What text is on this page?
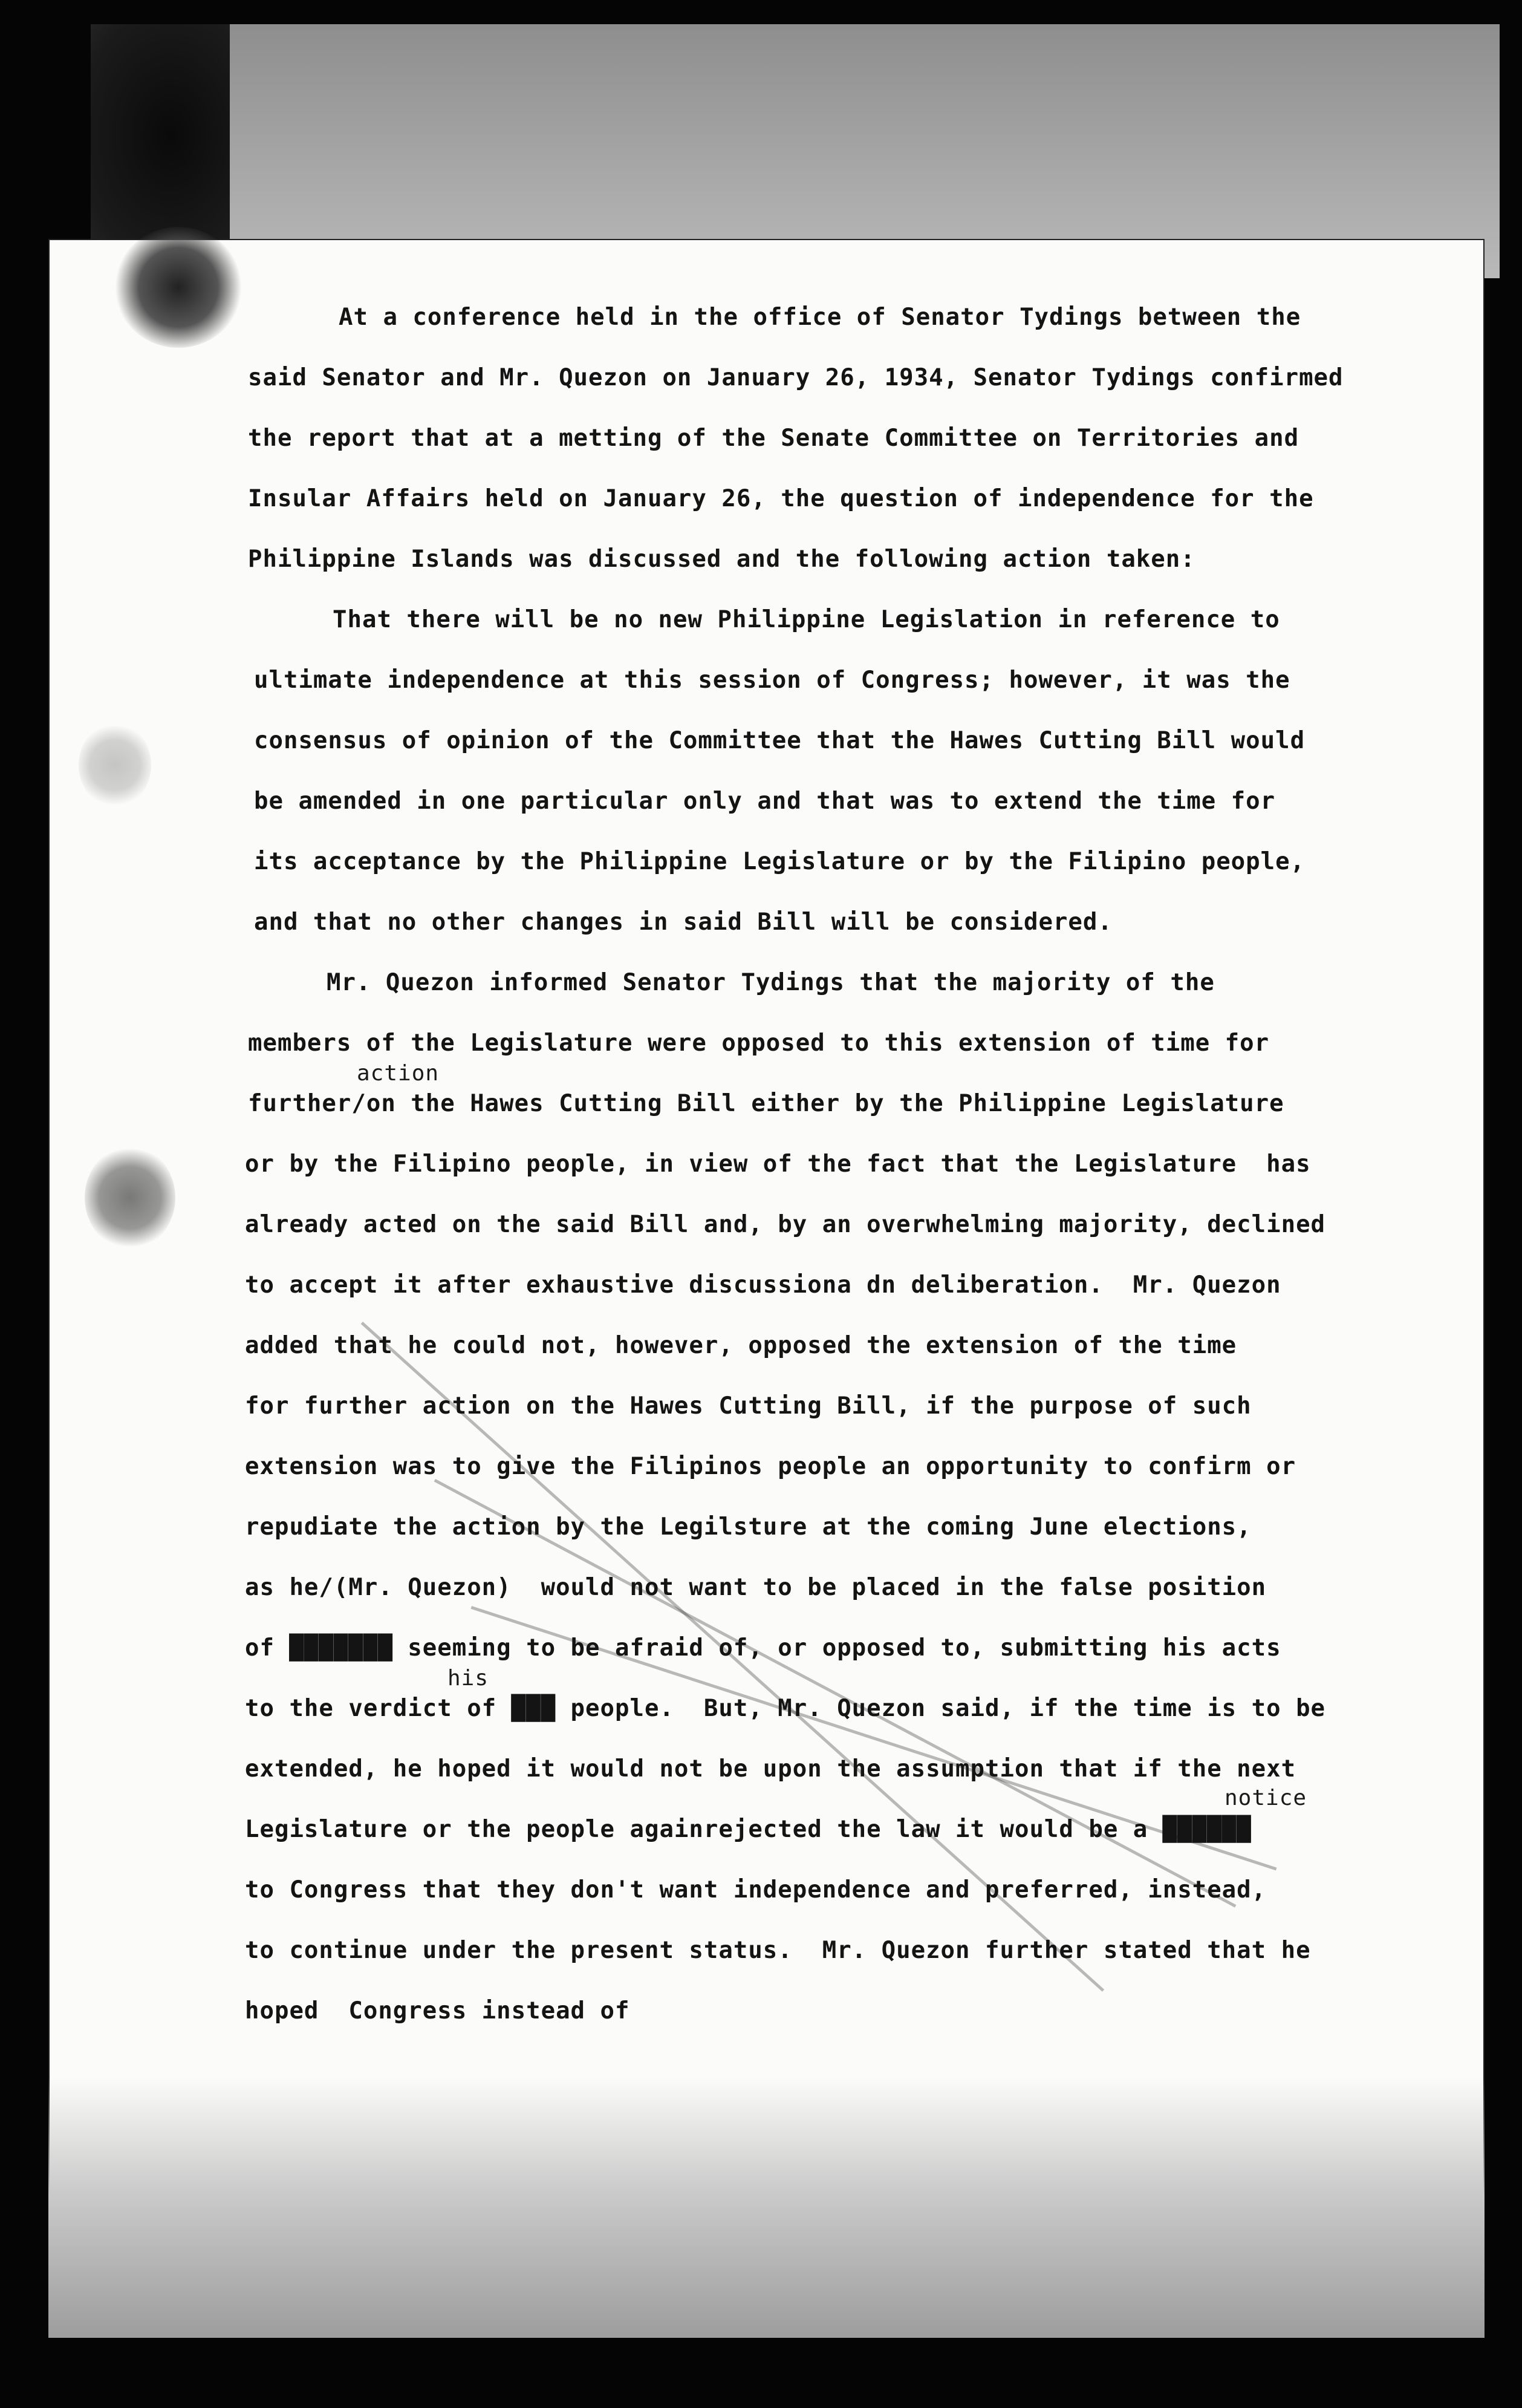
At a conference held in the office of Senator Tydings between the
said Senator and Mr. Quezon on January 26, 1934, Senator Tydings confirmed
the report that at a metting of the Senate Committee on Territories and
Insular Affairs held on January 26, the question of independence for the
Philippine Islands was discussed and the following action taken:
That there will be no new Philippine Legislation in reference to
ultimate independence at this session of Congress; however, it was the
consensus of opinion of the Committee that the Hawes Cutting Bill would
be amended in one particular only and that was to extend the time for
its acceptance by the Philippine Legislature or by the Filipino people,
and that no other changes in said Bill will be considered.
Mr. Quezon informed Senator Tydings that the majority of the
members of the Legislature were opposed to this extension of time for
action
further/on the Hawes Cutting Bill either by the Philippine Legislature
or by the Filipino people, in view of the fact that the Legislature  has
already acted on the said Bill and, by an overwhelming majority, declined
to accept it after exhaustive discussiona dn deliberation.  Mr. Quezon
added that he could not, however, opposed the extension of the time
for further action on the Hawes Cutting Bill, if the purpose of such
extension was to give the Filipinos people an opportunity to confirm or
repudiate the action by the Legilsture at the coming June elections,
as he/(Mr. Quezon)  would not want to be placed in the false position
of ███████ seeming to be afraid of, or opposed to, submitting his acts
his
to the verdict of ███ people.  But, Mr. Quezon said, if the time is to be
extended, he hoped it would not be upon the assumption that if the next
notice
Legislature or the people againrejected the law it would be a ██████
to Congress that they don't want independence and preferred, instead,
to continue under the present status.  Mr. Quezon further stated that he
hoped  Congress instead of
